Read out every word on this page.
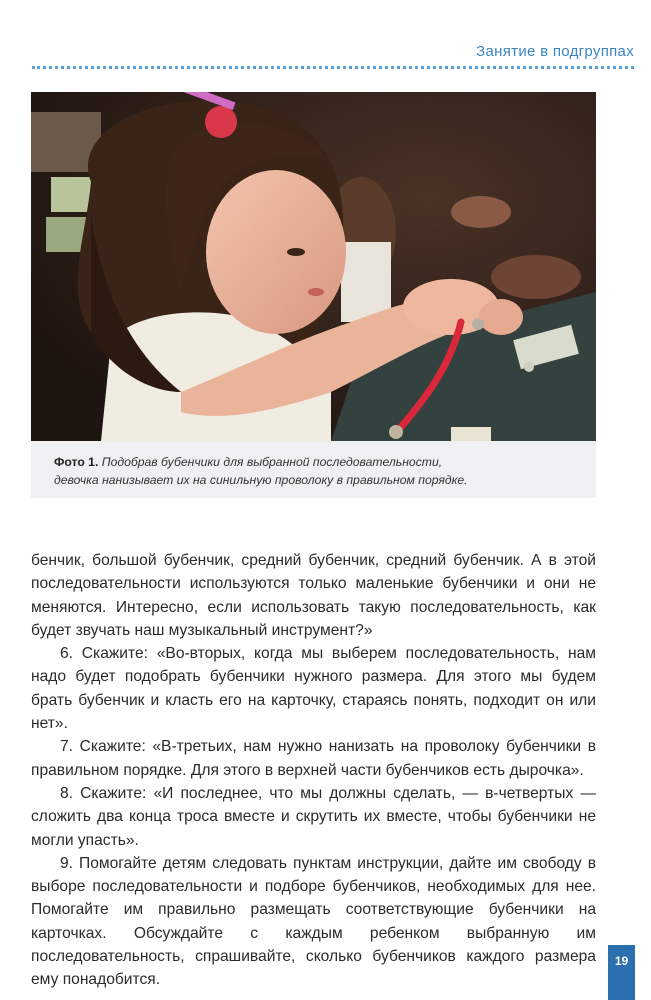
Занятие в подгруппах
Фото 1. Подобрав бубенчики для выбранной последовательности,
девочка нанизывает их на синильную проволоку в правильном порядке.

бенчик, большой бубенчик, средний бубенчик, средний бубенчик. А в этой последовательности используются только маленькие бубенчики и они не меняются. Интересно, если использовать такую последовательность, как будет звучать наш музыкальный инструмент?»

6. Скажите: «Во-вторых, когда мы выберем последовательность, нам надо будет подобрать бубенчики нужного размера. Для этого мы будем брать бубенчик и класть его на карточку, стараясь понять, подходит он или нет».

7. Скажите: «В-третьих, нам нужно нанизать на проволоку бубенчики в правильном порядке. Для этого в верхней части бубенчиков есть дырочка».

8. Скажите: «И последнее, что мы должны сделать, — в-четвертых — сложить два конца троса вместе и скрутить их вместе, чтобы бубенчики не могли упасть».

9. Помогайте детям следовать пунктам инструкции, дайте им свободу в выборе последовательности и подборе бубенчиков, необходимых для нее. Помогайте им правильно размещать соответствующие бубенчики на карточках. Обсуждайте с каждым ребенком выбранную им последовательность, спрашивайте, сколько бубенчиков каждого размера ему понадобится.

19
